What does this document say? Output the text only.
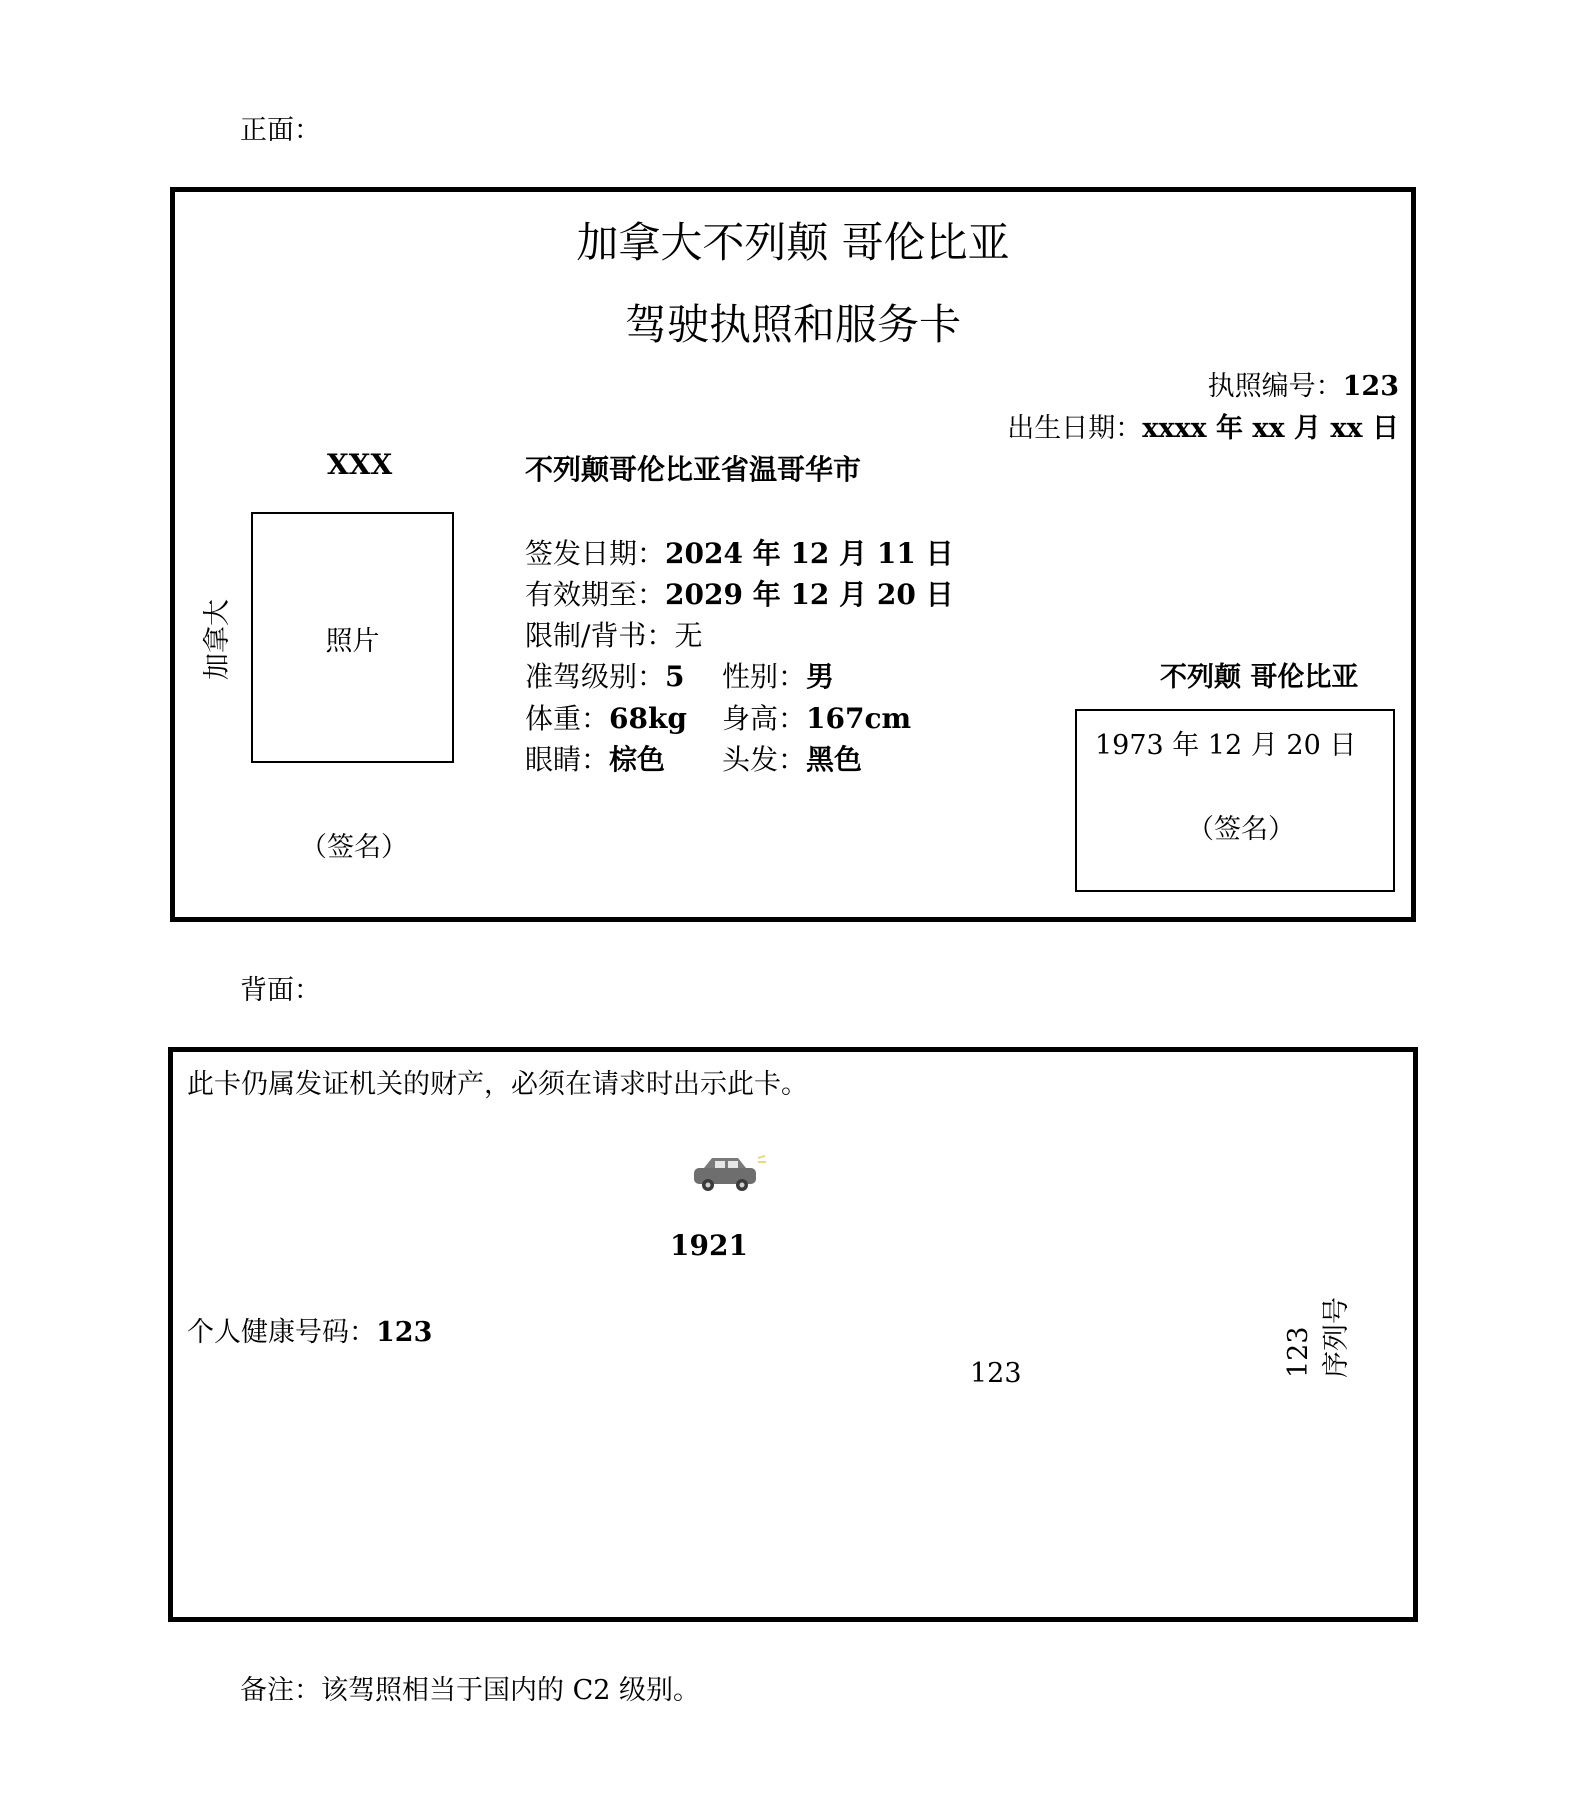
正面：
加拿大不列颠 哥伦比亚
驾驶执照和服务卡
执照编号：123
出生日期：xxxx 年 xx 月 xx 日
XXX	不列颠哥伦比亚省温哥华市
加拿大	照片
（签名）
签发日期：2024 年 12 月 11 日
有效期至：2029 年 12 月 20 日
限制/背书：无
准驾级别：5 性别：男
体重：68kg 身高：167cm
眼睛：棕色 头发：黑色
不列颠 哥伦比亚
1973 年 12 月 20 日
（签名）
背面：
此卡仍属发证机关的财产，必须在请求时出示此卡。
1921
个人健康号码：123
123	123 序列号
备注：该驾照相当于国内的 C2 级别。
